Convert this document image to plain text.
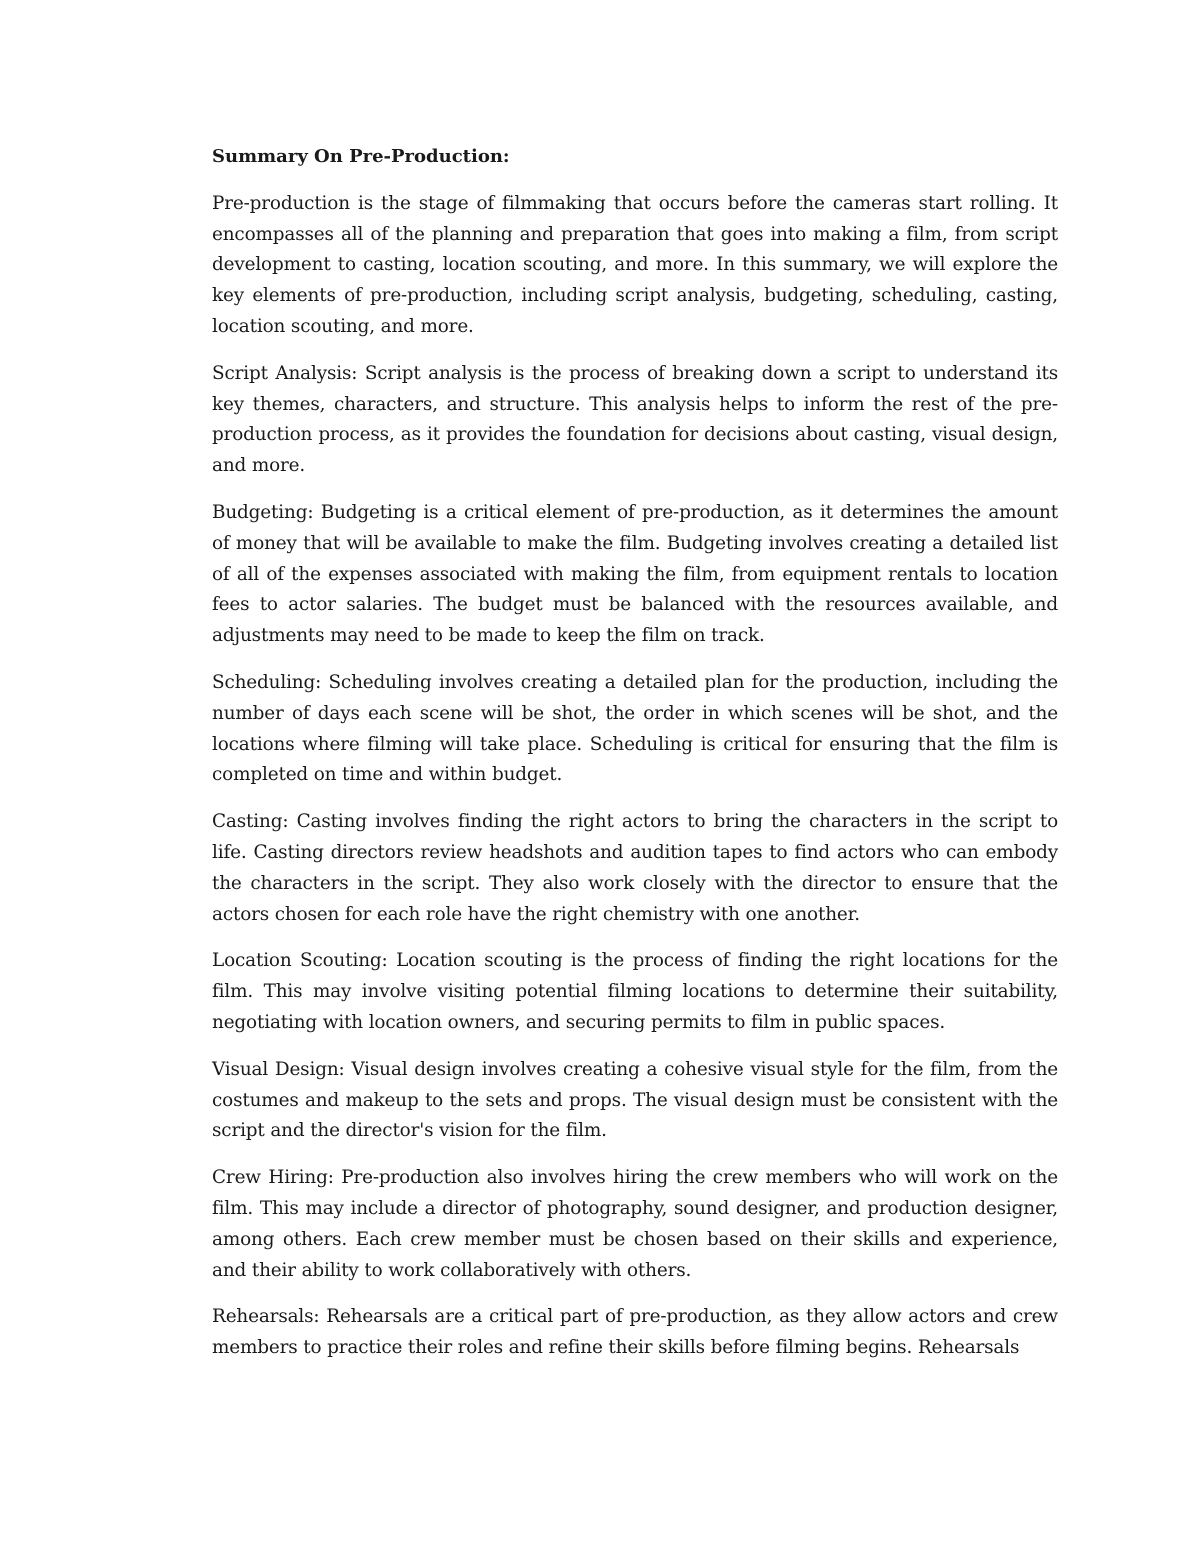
Summary On Pre-Production:

Pre-production is the stage of filmmaking that occurs before the cameras start rolling. It encompasses all of the planning and preparation that goes into making a film, from script development to casting, location scouting, and more. In this summary, we will explore the key elements of pre-production, including script analysis, budgeting, scheduling, casting, location scouting, and more.

Script Analysis: Script analysis is the process of breaking down a script to understand its key themes, characters, and structure. This analysis helps to inform the rest of the pre-production process, as it provides the foundation for decisions about casting, visual design, and more.

Budgeting: Budgeting is a critical element of pre-production, as it determines the amount of money that will be available to make the film. Budgeting involves creating a detailed list of all of the expenses associated with making the film, from equipment rentals to location fees to actor salaries. The budget must be balanced with the resources available, and adjustments may need to be made to keep the film on track.

Scheduling: Scheduling involves creating a detailed plan for the production, including the number of days each scene will be shot, the order in which scenes will be shot, and the locations where filming will take place. Scheduling is critical for ensuring that the film is completed on time and within budget.

Casting: Casting involves finding the right actors to bring the characters in the script to life. Casting directors review headshots and audition tapes to find actors who can embody the characters in the script. They also work closely with the director to ensure that the actors chosen for each role have the right chemistry with one another.

Location Scouting: Location scouting is the process of finding the right locations for the film. This may involve visiting potential filming locations to determine their suitability, negotiating with location owners, and securing permits to film in public spaces.

Visual Design: Visual design involves creating a cohesive visual style for the film, from the costumes and makeup to the sets and props. The visual design must be consistent with the script and the director's vision for the film.

Crew Hiring: Pre-production also involves hiring the crew members who will work on the film. This may include a director of photography, sound designer, and production designer, among others. Each crew member must be chosen based on their skills and experience, and their ability to work collaboratively with others.

Rehearsals: Rehearsals are a critical part of pre-production, as they allow actors and crew members to practice their roles and refine their skills before filming begins. Rehearsals
